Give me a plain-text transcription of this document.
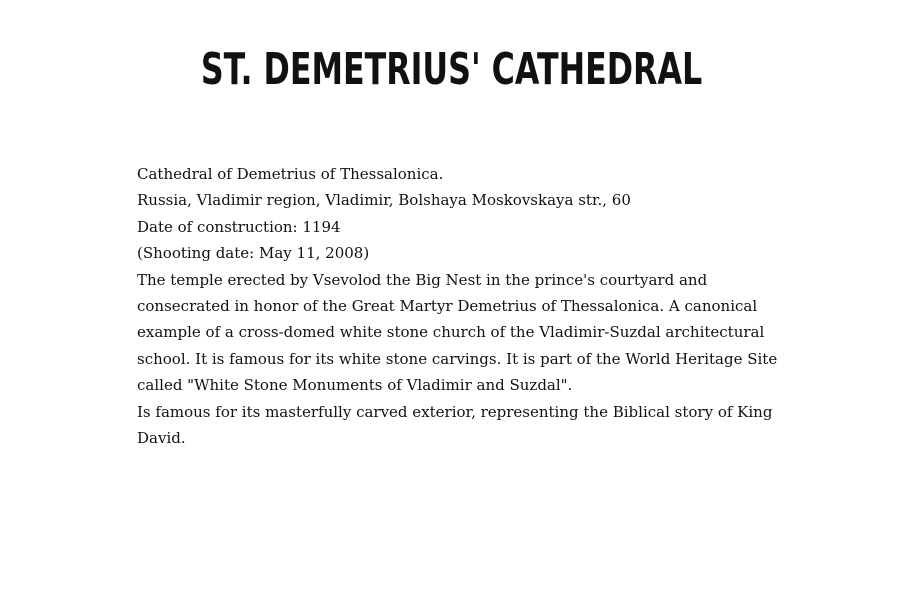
ST. DEMETRIUS' CATHEDRAL

Cathedral of Demetrius of Thessalonica.

Russia, Vladimir region, Vladimir, Bolshaya Moskovskaya str., 60

Date of construction: 1194

(Shooting date: May 11, 2008)

The temple erected by Vsevolod the Big Nest in the prince's courtyard and consecrated in honor of the Great Martyr Demetrius of Thessalonica. A canonical example of a cross-domed white stone church of the Vladimir-Suzdal architectural school. It is famous for its white stone carvings. It is part of the World Heritage Site called "White Stone Monuments of Vladimir and Suzdal".

Is famous for its masterfully carved exterior, representing the Biblical story of King David.
